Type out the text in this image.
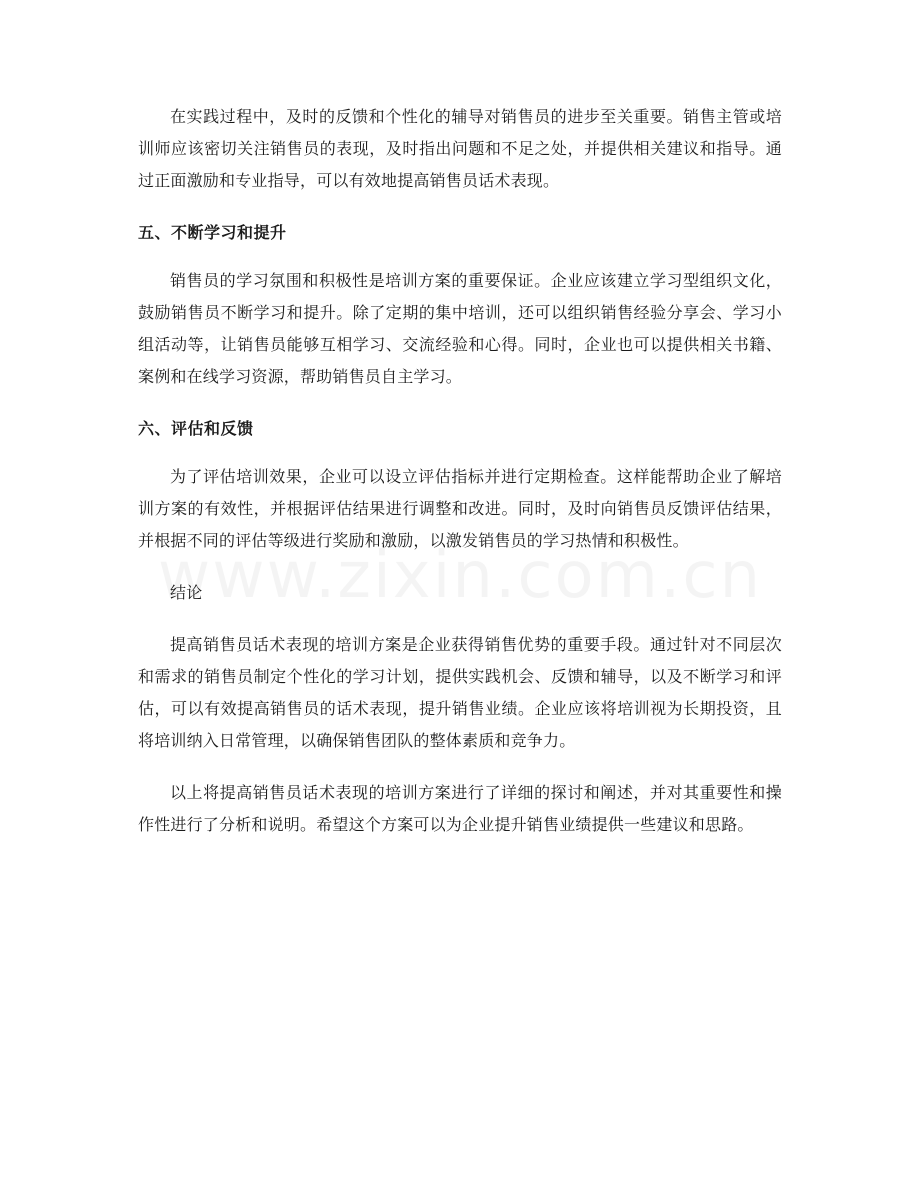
在实践过程中，及时的反馈和个性化的辅导对销售员的进步至关重要。销售主管或培训师应该密切关注销售员的表现，及时指出问题和不足之处，并提供相关建议和指导。通过正面激励和专业指导，可以有效地提高销售员话术表现。

五、不断学习和提升

销售员的学习氛围和积极性是培训方案的重要保证。企业应该建立学习型组织文化，鼓励销售员不断学习和提升。除了定期的集中培训，还可以组织销售经验分享会、学习小组活动等，让销售员能够互相学习、交流经验和心得。同时，企业也可以提供相关书籍、案例和在线学习资源，帮助销售员自主学习。

六、评估和反馈

为了评估培训效果，企业可以设立评估指标并进行定期检查。这样能帮助企业了解培训方案的有效性，并根据评估结果进行调整和改进。同时，及时向销售员反馈评估结果，并根据不同的评估等级进行奖励和激励，以激发销售员的学习热情和积极性。

结论

提高销售员话术表现的培训方案是企业获得销售优势的重要手段。通过针对不同层次和需求的销售员制定个性化的学习计划，提供实践机会、反馈和辅导，以及不断学习和评估，可以有效提高销售员的话术表现，提升销售业绩。企业应该将培训视为长期投资，且将培训纳入日常管理，以确保销售团队的整体素质和竞争力。

以上将提高销售员话术表现的培训方案进行了详细的探讨和阐述，并对其重要性和操作性进行了分析和说明。希望这个方案可以为企业提升销售业绩提供一些建议和思路。
